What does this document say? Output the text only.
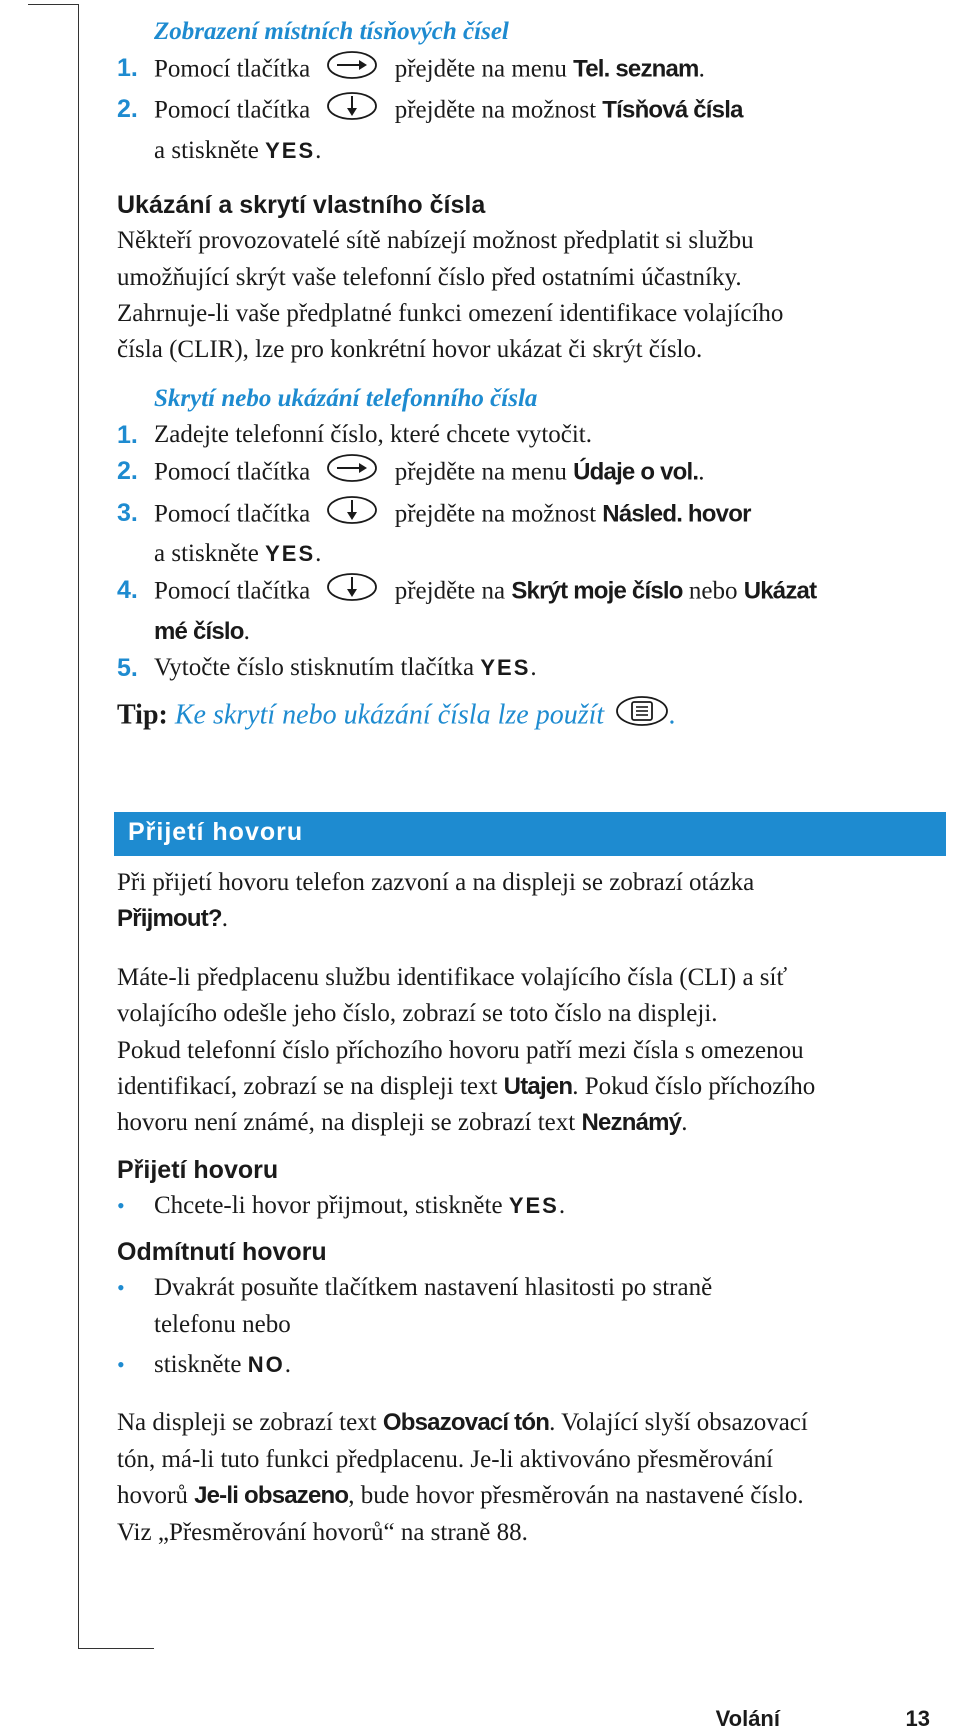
Zobrazení místních tísňových čísel

1. Pomocí tlačítka	přejděte na menu Tel. seznam.
2. Pomocí tlačítka	přejděte na možnost Tísňová čísla
a stiskněte YES.

Ukázání a skrytí vlastního čísla

Někteří provozovatelé sítě nabízejí možnost předplatit si službu

umožňující skrýt vaše telefonní číslo před ostatními účastníky.

Zahrnuje-li vaše předplatné funkci omezení identifikace volajícího

čísla (CLIR), lze pro konkrétní hovor ukázat či skrýt číslo.

Skrytí nebo ukázání telefonního čísla

1. Zadejte telefonní číslo, které chcete vytočit.
2. Pomocí tlačítka	přejděte na menu Údaje o vol..
3. Pomocí tlačítka	přejděte na možnost Násled. hovor
a stiskněte YES.
4. Pomocí tlačítka	přejděte na Skrýt moje číslo nebo Ukázat
mé číslo.
5. Vytočte číslo stisknutím tlačítka YES.

Tip: Ke skrytí nebo ukázání čísla lze použít .

Přijetí hovoru

Při přijetí hovoru telefon zazvoní a na displeji se zobrazí otázka

Přijmout?.

Máte-li předplacenu službu identifikace volajícího čísla (CLI) a síť

volajícího odešle jeho číslo, zobrazí se toto číslo na displeji.

Pokud telefonní číslo příchozího hovoru patří mezi čísla s omezenou

identifikací, zobrazí se na displeji text Utajen. Pokud číslo příchozího

hovoru není známé, na displeji se zobrazí text Neznámý.

Přijetí hovoru

•	Chcete-li hovor přijmout, stiskněte YES.

Odmítnutí hovoru

•	Dvakrát posuňte tlačítkem nastavení hlasitosti po straně
telefonu nebo
•	stiskněte NO.

Na displeji se zobrazí text Obsazovací tón. Volající slyší obsazovací

tón, má-li tuto funkci předplacenu. Je-li aktivováno přesměrování

hovorů Je-li obsazeno, bude hovor přesměrován na nastavené číslo.

Viz „Přesměrování hovorů“ na straně 88.

Volání	13
